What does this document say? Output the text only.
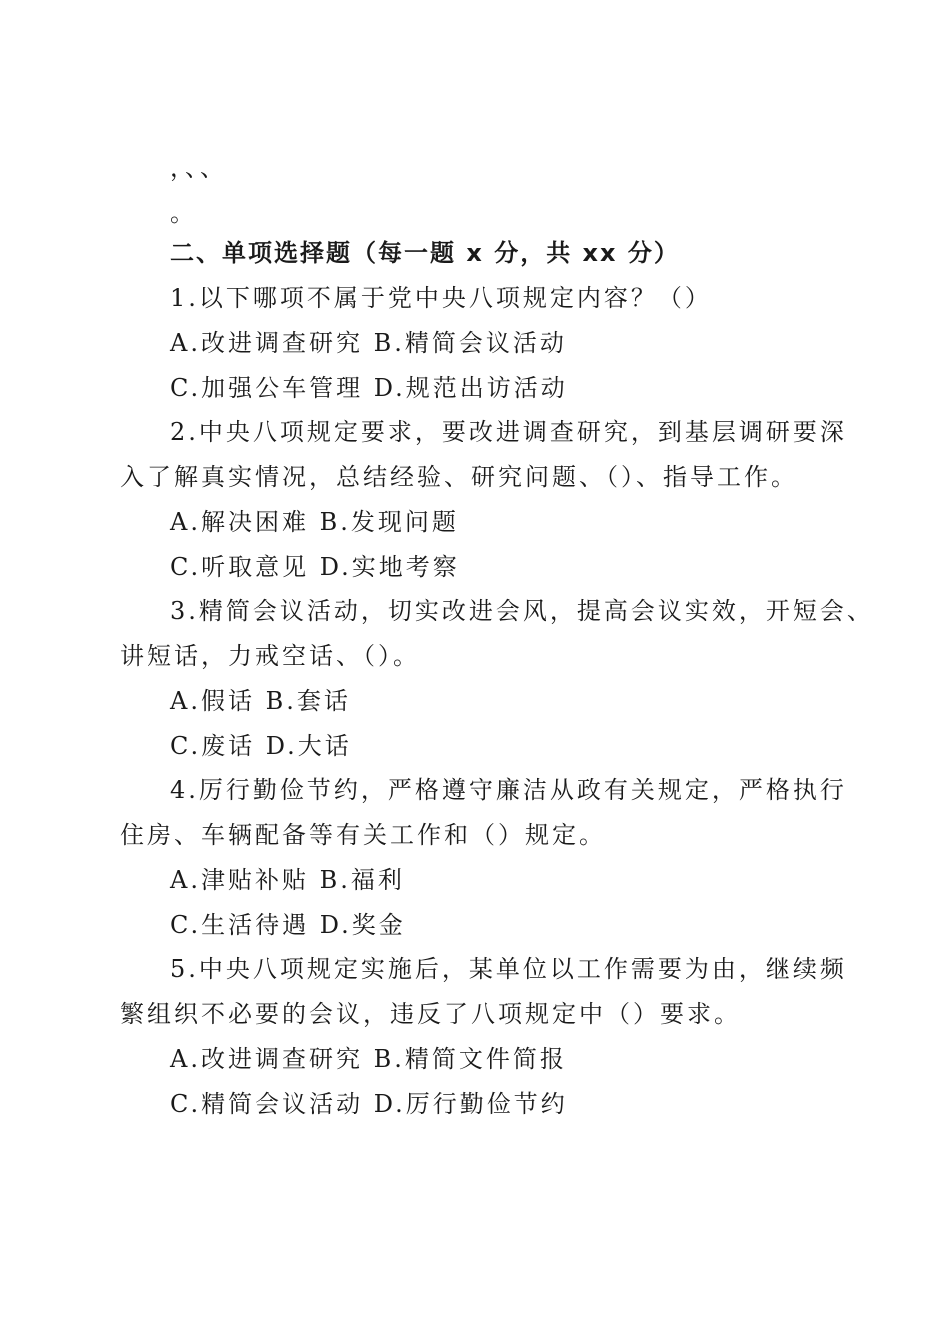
，、、
。
二、单项选择题（每一题 x 分，共 xx 分）
1.以下哪项不属于党中央八项规定内容？（）
A.改进调查研究 B.精简会议活动
C.加强公车管理 D.规范出访活动
2.中央八项规定要求，要改进调查研究，到基层调研要深
入了解真实情况，总结经验、研究问题、（）、指导工作。
A.解决困难 B.发现问题
C.听取意见 D.实地考察
3.精简会议活动，切实改进会风，提高会议实效，开短会、
讲短话，力戒空话、（）。
A.假话 B.套话
C.废话 D.大话
4.厉行勤俭节约，严格遵守廉洁从政有关规定，严格执行
住房、车辆配备等有关工作和（）规定。
A.津贴补贴 B.福利
C.生活待遇 D.奖金
5.中央八项规定实施后，某单位以工作需要为由，继续频
繁组织不必要的会议，违反了八项规定中（）要求。
A.改进调查研究 B.精简文件简报
C.精简会议活动 D.厉行勤俭节约
